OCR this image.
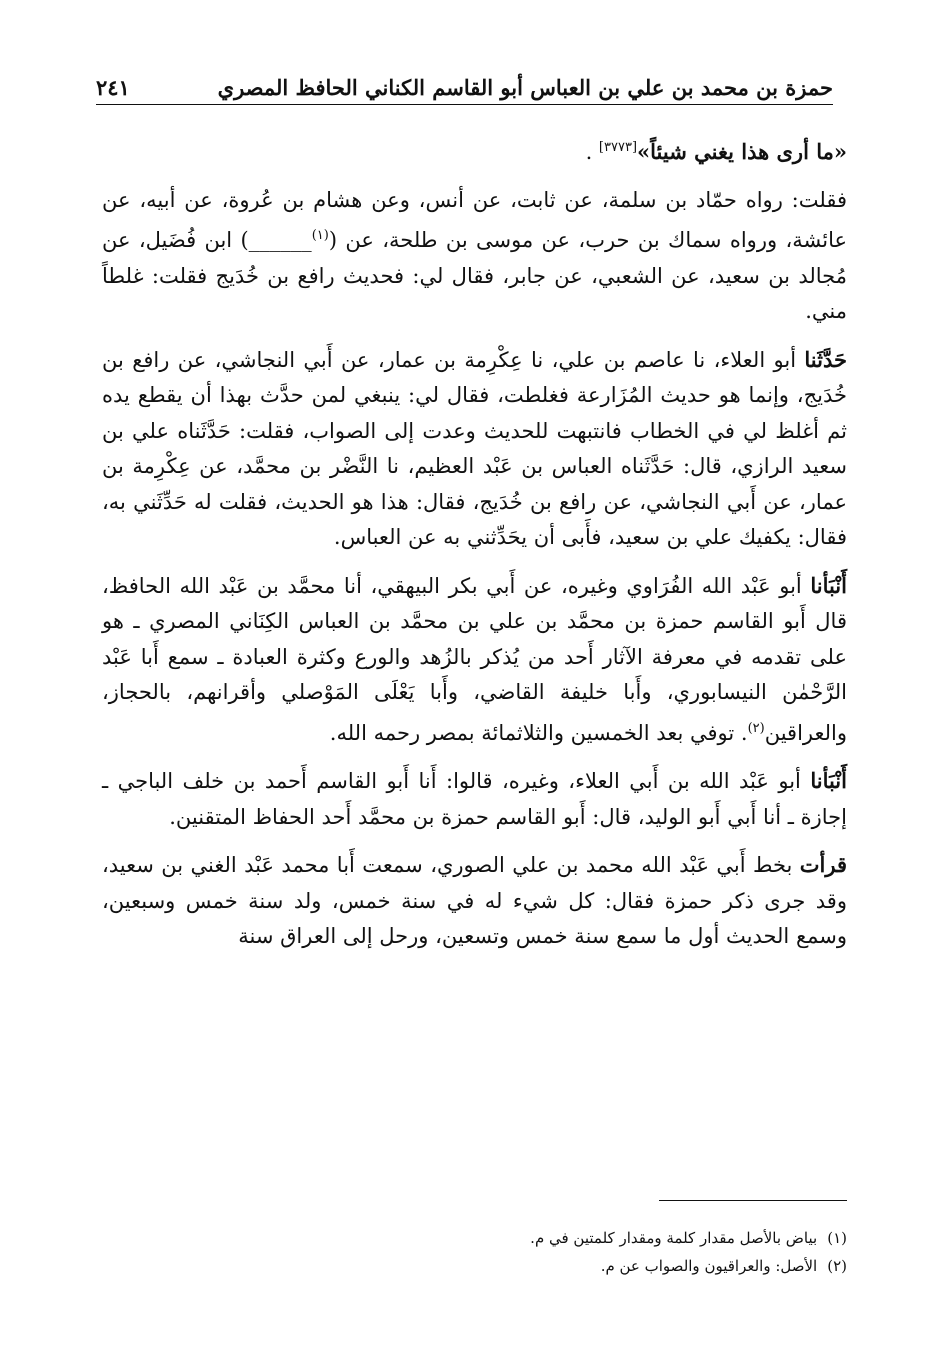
حمزة بن محمد بن علي بن العباس أبو القاسم الكناني الحافظ المصري
٢٤١

«ما أرى هذا يغني شيئاً»[٣٧٧٣] .

فقلت: رواه حمّاد بن سلمة، عن ثابت، عن أنس، وعن هشام بن عُروة، عن أبيه، عن عائشة، ورواه سماك بن حرب، عن موسى بن طلحة، عن ($^{(١)}$______) ابن فُضَيل، عن مُجالد بن سعيد، عن الشعبي، عن جابر، فقال لي: فحديث رافع بن خُدَيج فقلت: غلطاً مني.

حَدَّثَنا أبو العلاء، نا عاصم بن علي، نا عِكْرِمة بن عمار، عن أَبي النجاشي، عن رافع بن خُدَيج، وإنما هو حديث المُزَارعة فغلطت، فقال لي: ينبغي لمن حدَّث بهذا أن يقطع يده ثم أغلظ لي في الخطاب فانتبهت للحديث وعدت إلى الصواب، فقلت: حَدَّثَناه علي بن سعيد الرازي، قال: حَدَّثَناه العباس بن عَبْد العظيم، نا النَّضْر بن محمَّد، عن عِكْرِمة بن عمار، عن أَبي النجاشي، عن رافع بن خُدَيج، فقال: هذا هو الحديث، فقلت له حَدِّثَني به، فقال: يكفيك علي بن سعيد، فأَبى أن يحَدِّثني به عن العباس.

أَنْبَأنا أبو عَبْد الله الفُرَاوي وغيره، عن أَبي بكر البيهقي، أنا محمَّد بن عَبْد الله الحافظ، قال أَبو القاسم حمزة بن محمَّد بن علي بن محمَّد بن العباس الكِنَاني المصري ـ هو على تقدمه في معرفة الآثار أَحد من يُذكر بالزُهد والورع وكثرة العبادة ـ سمع أَبا عَبْد الرَّحْمٰن النيسابوري، وأَبا خليفة القاضي، وأَبا يَعْلَى المَوْصلي وأقرانهم، بالحجاز، والعراقين$^{(٢)}$. توفي بعد الخمسين والثلاثمائة بمصر رحمه الله.

أَنْبَأنا أبو عَبْد الله بن أَبي العلاء، وغيره، قالوا: أَنا أَبو القاسم أَحمد بن خلف الباجي ـ إجازة ـ أنا أَبي أَبو الوليد، قال: أَبو القاسم حمزة بن محمَّد أَحد الحفاظ المتقنين.

قرأت بخط أَبي عَبْد الله محمد بن علي الصوري، سمعت أَبا محمد عَبْد الغني بن سعيد، وقد جرى ذكر حمزة فقال: كل شيء له في سنة خمس، ولد سنة خمس وسبعين، وسمع الحديث أول ما سمع سنة خمس وتسعين، ورحل إلى العراق سنة

(١)بياض بالأصل مقدار كلمة ومقدار كلمتين في م.
(٢)الأصل: والعراقيون والصواب عن م.
